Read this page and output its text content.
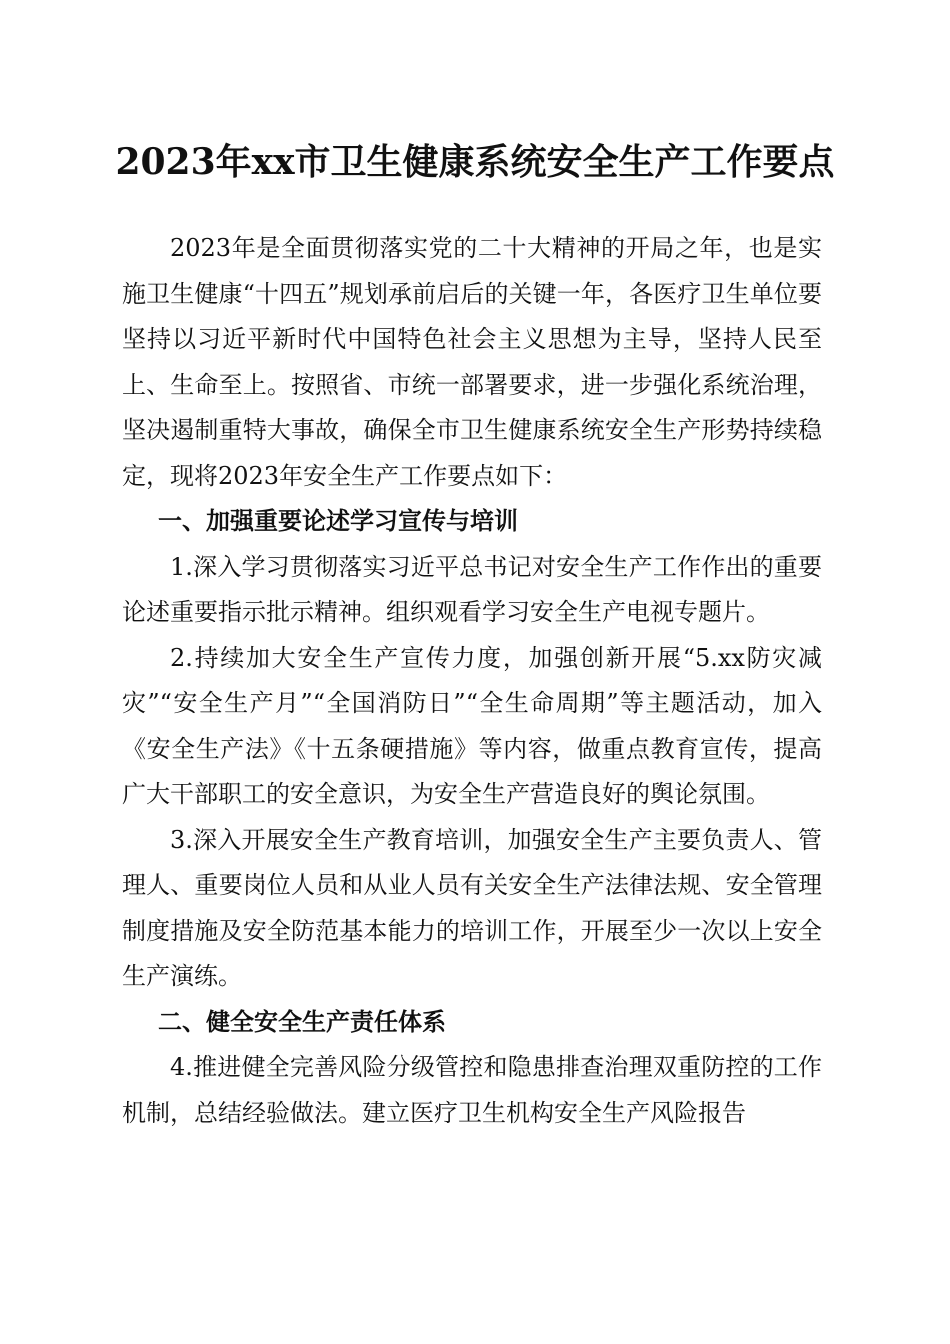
2023年xx市卫生健康系统安全生产工作要点

2023年是全面贯彻落实党的二十大精神的开局之年，也是实施卫生健康“十四五”规划承前启后的关键一年，各医疗卫生单位要坚持以习近平新时代中国特色社会主义思想为主导，坚持人民至上、生命至上。按照省、市统一部署要求，进一步强化系统治理，坚决遏制重特大事故，确保全市卫生健康系统安全生产形势持续稳定，现将2023年安全生产工作要点如下：

一、加强重要论述学习宣传与培训

1.深入学习贯彻落实习近平总书记对安全生产工作作出的重要论述重要指示批示精神。组织观看学习安全生产电视专题片。

2.持续加大安全生产宣传力度，加强创新开展“5.xx防灾减灾”“安全生产月”“全国消防日”“全生命周期”等主题活动，加入《安全生产法》《十五条硬措施》等内容，做重点教育宣传，提高广大干部职工的安全意识，为安全生产营造良好的舆论氛围。

3.深入开展安全生产教育培训，加强安全生产主要负责人、管理人、重要岗位人员和从业人员有关安全生产法律法规、安全管理制度措施及安全防范基本能力的培训工作，开展至少一次以上安全生产演练。

二、健全安全生产责任体系

4.推进健全完善风险分级管控和隐患排查治理双重防控的工作机制，总结经验做法。建立医疗卫生机构安全生产风险报告
